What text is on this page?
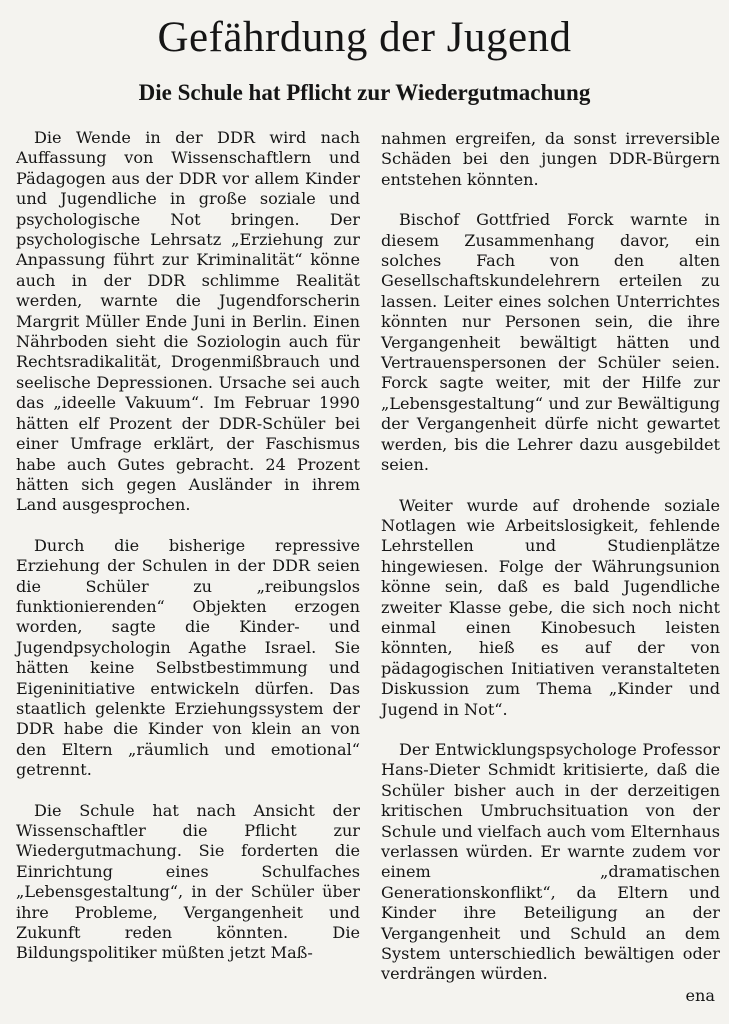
Gefährdung der Jugend
Die Schule hat Pflicht zur Wiedergutmachung

Die Wende in der DDR wird nach Auffassung von Wissenschaftlern und Pädagogen aus der DDR vor allem Kinder und Jugendliche in große soziale und psychologische Not bringen. Der psychologische Lehrsatz „Erziehung zur Anpassung führt zur Kriminalität“ könne auch in der DDR schlimme Realität werden, warnte die Jugendforscherin Margrit Müller Ende Juni in Berlin. Einen Nährboden sieht die Soziologin auch für Rechtsradikalität, Drogenmißbrauch und seelische Depressionen. Ursache sei auch das „ideelle Vakuum“. Im Februar 1990 hätten elf Prozent der DDR-Schüler bei einer Umfrage erklärt, der Faschismus habe auch Gutes gebracht. 24 Prozent hätten sich gegen Ausländer in ihrem Land ausgesprochen.

Durch die bisherige repressive Erziehung der Schulen in der DDR seien die Schüler zu „reibungslos funktionierenden“ Objekten erzogen worden, sagte die Kinder- und Jugendpsychologin Agathe Israel. Sie hätten keine Selbstbestimmung und Eigeninitiative entwickeln dürfen. Das staatlich gelenkte Erziehungssystem der DDR habe die Kinder von klein an von den Eltern „räumlich und emotional“ getrennt.

Die Schule hat nach Ansicht der Wissenschaftler die Pflicht zur Wiedergutmachung. Sie forderten die Einrichtung eines Schulfaches „Lebensgestaltung“, in der Schüler über ihre Probleme, Vergangenheit und Zukunft reden könnten. Die Bildungspolitiker müßten jetzt Maß-

nahmen ergreifen, da sonst irreversible Schäden bei den jungen DDR-Bürgern entstehen könnten.

Bischof Gottfried Forck warnte in diesem Zusammenhang davor, ein solches Fach von den alten Gesellschaftskundelehrern erteilen zu lassen. Leiter eines solchen Unterrichtes könnten nur Personen sein, die ihre Vergangenheit bewältigt hätten und Vertrauenspersonen der Schüler seien. Forck sagte weiter, mit der Hilfe zur „Lebensgestaltung“ und zur Bewältigung der Vergangenheit dürfe nicht gewartet werden, bis die Lehrer dazu ausgebildet seien.

Weiter wurde auf drohende soziale Notlagen wie Arbeitslosigkeit, fehlende Lehrstellen und Studienplätze hingewiesen. Folge der Währungsunion könne sein, daß es bald Jugendliche zweiter Klasse gebe, die sich noch nicht einmal einen Kinobesuch leisten könnten, hieß es auf der von pädagogischen Initiativen veranstalteten Diskussion zum Thema „Kinder und Jugend in Not“.

Der Entwicklungspsychologe Professor Hans-Dieter Schmidt kritisierte, daß die Schüler bisher auch in der derzeitigen kritischen Umbruchsituation von der Schule und vielfach auch vom Elternhaus verlassen würden. Er warnte zudem vor einem „dramatischen Generationskonflikt“, da Eltern und Kinder ihre Beteiligung an der Vergangenheit und Schuld an dem System unterschiedlich bewältigen oder verdrängen würden.

ena
